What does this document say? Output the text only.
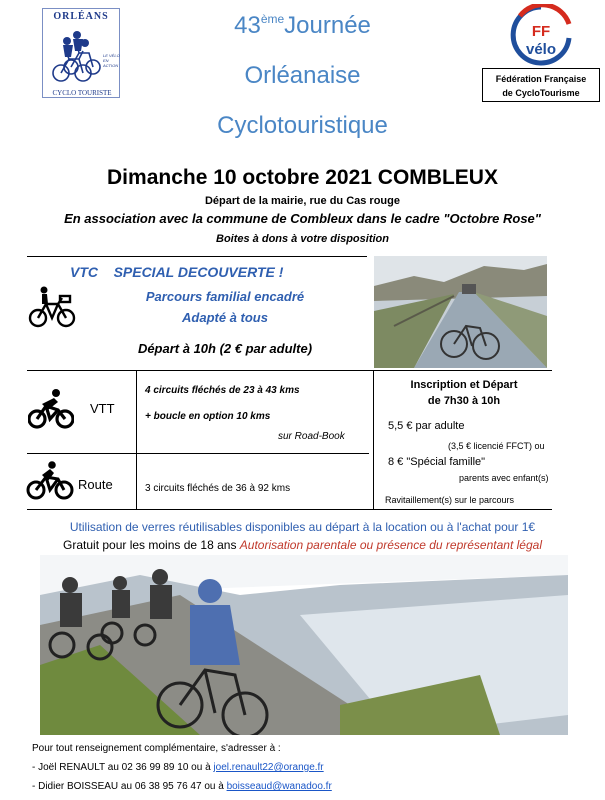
ORLÉANS
LE VÉLO
EN
ACTION
CYCLO TOURISTE
43èmeJournée
Orléanaise
Cyclotouristique
FF
vélo
Fédération Française
de CycloTourisme
Dimanche 10 octobre 2021 COMBLEUX
Départ de la mairie, rue du Cas rouge
En association avec la commune de Combleux dans le cadre "Octobre Rose"
Boites à dons à votre disposition
VTC SPECIAL DECOUVERTE !
Parcours familial encadré
Adapté à tous
Départ à 10h (2 € par adulte)
VTT
4 circuits fléchés de 23 à 43 kms
+ boucle en option 10 kms
sur Road-Book
Route	3 circuits fléchés de 36 à 92 kms
Inscription et Départ
de 7h30 à 10h
5,5 € par adulte
(3,5 € licencié FFCT) ou
8 € "Spécial famille"
parents avec enfant(s)
Ravitaillement(s) sur le parcours
Utilisation de verres réutilisables disponibles au départ à la location ou à l'achat pour 1€
Gratuit pour les moins de 18 ans Autorisation parentale ou présence du représentant légal
Pour tout renseignement complémentaire, s'adresser à :
- Joël RENAULT au 02 36 99 89 10 ou à joel.renault22@orange.fr
- Didier BOISSEAU au 06 38 95 76 47 ou à boisseaud@wanadoo.fr
